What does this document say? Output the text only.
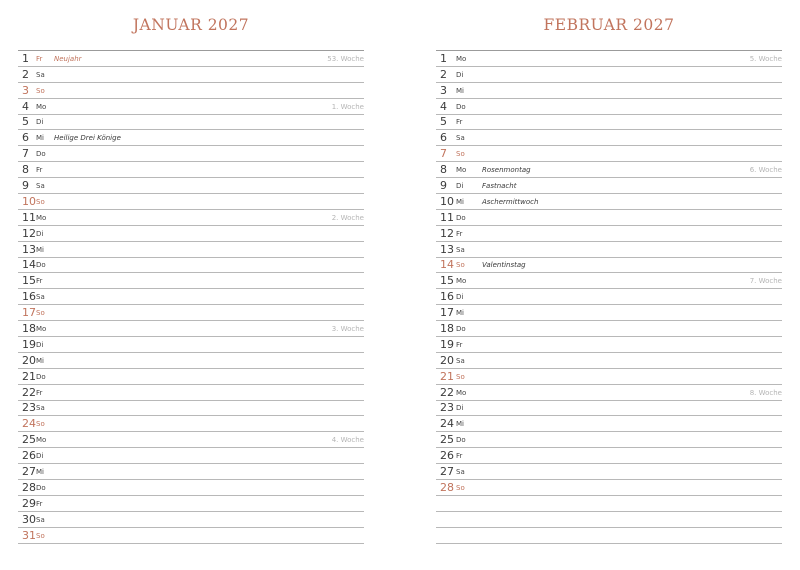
JANUAR 2027
1 Fr Neujahr	53. Woche
2 Sa
3 So
4 Mo	1. Woche
5 Di
6 Mi Heilige Drei Könige
7 Do
8 Fr
9 Sa
10 So
11 Mo	2. Woche
12 Di
13 Mi
14 Do
15 Fr
16 Sa
17 So
18 Mo	3. Woche
19 Di
20 Mi
21 Do
22 Fr
23 Sa
24 So
25 Mo	4. Woche
26 Di
27 Mi
28 Do
29 Fr
30 Sa
31 So
FEBRUAR 2027
1 Mo	5. Woche
2 Di
3 Mi
4 Do
5 Fr
6 Sa
7 So
8 Mo Rosenmontag	6. Woche
9 Di	Fastnacht
10 Mi	Aschermittwoch
11 Do
12 Fr
13 Sa
14 So Valentinstag
15 Mo	7. Woche
16 Di
17 Mi
18 Do
19 Fr
20 Sa
21 So
22 Mo	8. Woche
23 Di
24 Mi
25 Do
26 Fr
27 Sa
28 So
